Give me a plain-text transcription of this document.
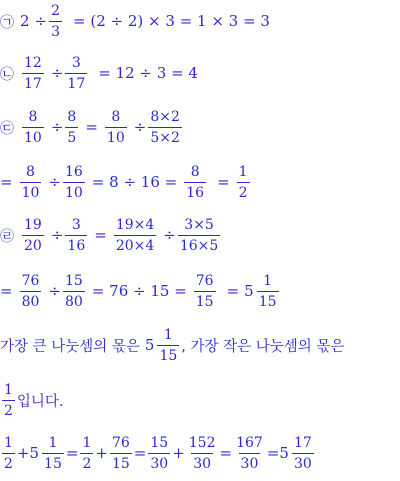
㉠ $2 \div \frac{2}{3} = (2 \div 2) \times 3 = 1 \times 3 = 3$
㉡ $\frac{12}{17} \div \frac{3}{17} = 12 \div 3 = 4$
㉢ $\frac{8}{10} \div \frac{8}{5} = \frac{8}{10} \div \frac{8\times 2}{5\times 2}$
= $\frac{8}{10} \div \frac{16}{10} = 8 \div 16 = \frac{8}{16} = \frac{1}{2}$
㉣ $\frac{19}{20} \div \frac{3}{16} = \frac{19\times 4}{20\times 4} \div \frac{3\times 5}{16\times 5}$
= $\frac{76}{80} \div \frac{15}{80} = 76 \div 15 = \frac{76}{15} = 5 \frac{1}{15}$
가장 큰 나눗셈의 몫은 $5 \frac{1}{15}$ , 가장 작은 나눗셈의 몫은
$\frac{1}{2}$ 입니다.
$\frac{1}{2} + 5 \frac{1}{15} = \frac{1}{2} + \frac{76}{15} = \frac{15}{30} + \frac{152}{30} = \frac{167}{30} = 5 \frac{17}{30}$
